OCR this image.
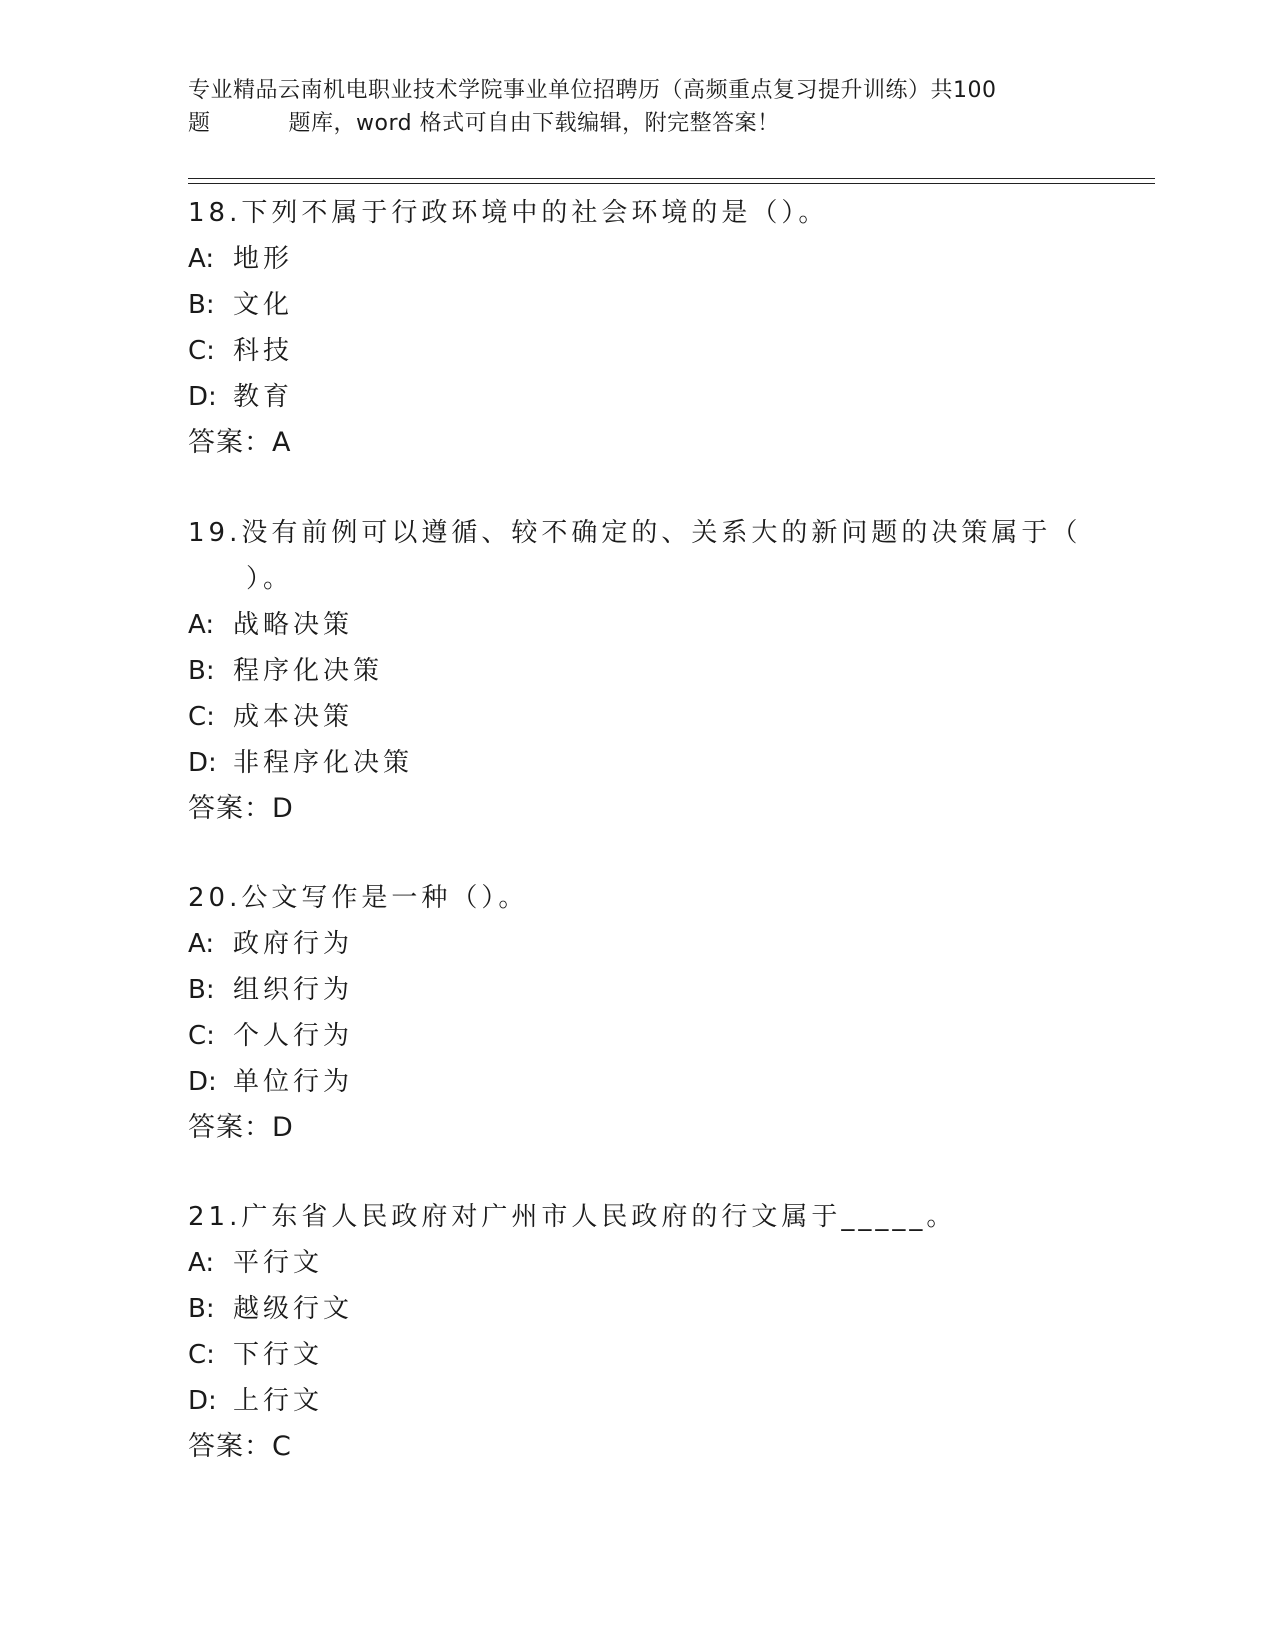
专业精品云南机电职业技术学院事业单位招聘历（高频重点复习提升训练）共100
题	题库，word 格式可自由下载编辑，附完整答案！
18.下列不属于行政环境中的社会环境的是（）。
A: 地形
B: 文化
C: 科技
D: 教育
答案：A
19.没有前例可以遵循、较不确定的、关系大的新问题的决策属于（
）。
A: 战略决策
B: 程序化决策
C: 成本决策
D: 非程序化决策
答案：D
20.公文写作是一种（）。
A: 政府行为
B: 组织行为
C: 个人行为
D: 单位行为
答案：D
21.广东省人民政府对广州市人民政府的行文属于_____。
A: 平行文
B: 越级行文
C: 下行文
D: 上行文
答案：C
